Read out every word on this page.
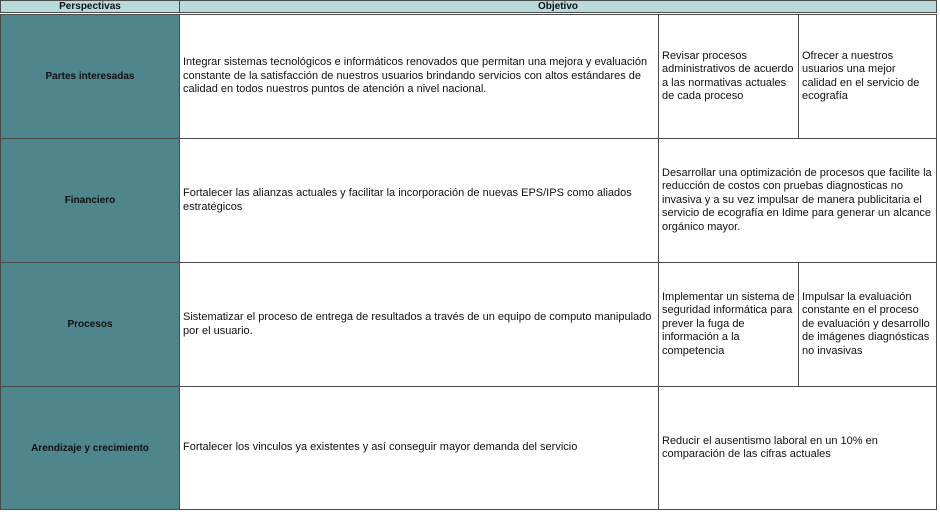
Perspectivas	Objetivo
Partes interesadas
Integrar sistemas tecnológicos e informáticos renovados que permitan una mejora y evaluación constante de la satisfacción de nuestros usuarios brindando servicios con altos estándares de calidad en todos nuestros puntos de atención a nivel nacional.
Revisar procesos administrativos de acuerdo a las normativas actuales de cada proceso
Ofrecer a nuestros usuarios una mejor calidad en el servicio de ecografía
Financiero
Fortalecer las alianzas actuales y facilitar la incorporación de nuevas EPS/IPS como aliados estratégicos
Desarrollar una optimización de procesos que facilite la reducción de costos con pruebas diagnosticas no invasiva y a su vez impulsar de manera publicitaria el servicio de ecografía en Idime para generar un alcance orgánico mayor.
Procesos
Sistematizar el proceso de entrega de resultados a través de un equipo de computo manipulado por el usuario.
Implementar un sistema de seguridad informática para prever la fuga de información a la competencia
Impulsar la evaluación constante en el proceso de evaluación y desarrollo de imágenes diagnósticas no invasivas
Arendizaje y crecimiento	Fortalecer los vinculos ya existentes y así conseguir mayor demanda del servicio
Reducir el ausentismo laboral en un 10% en comparación de las cifras actuales
